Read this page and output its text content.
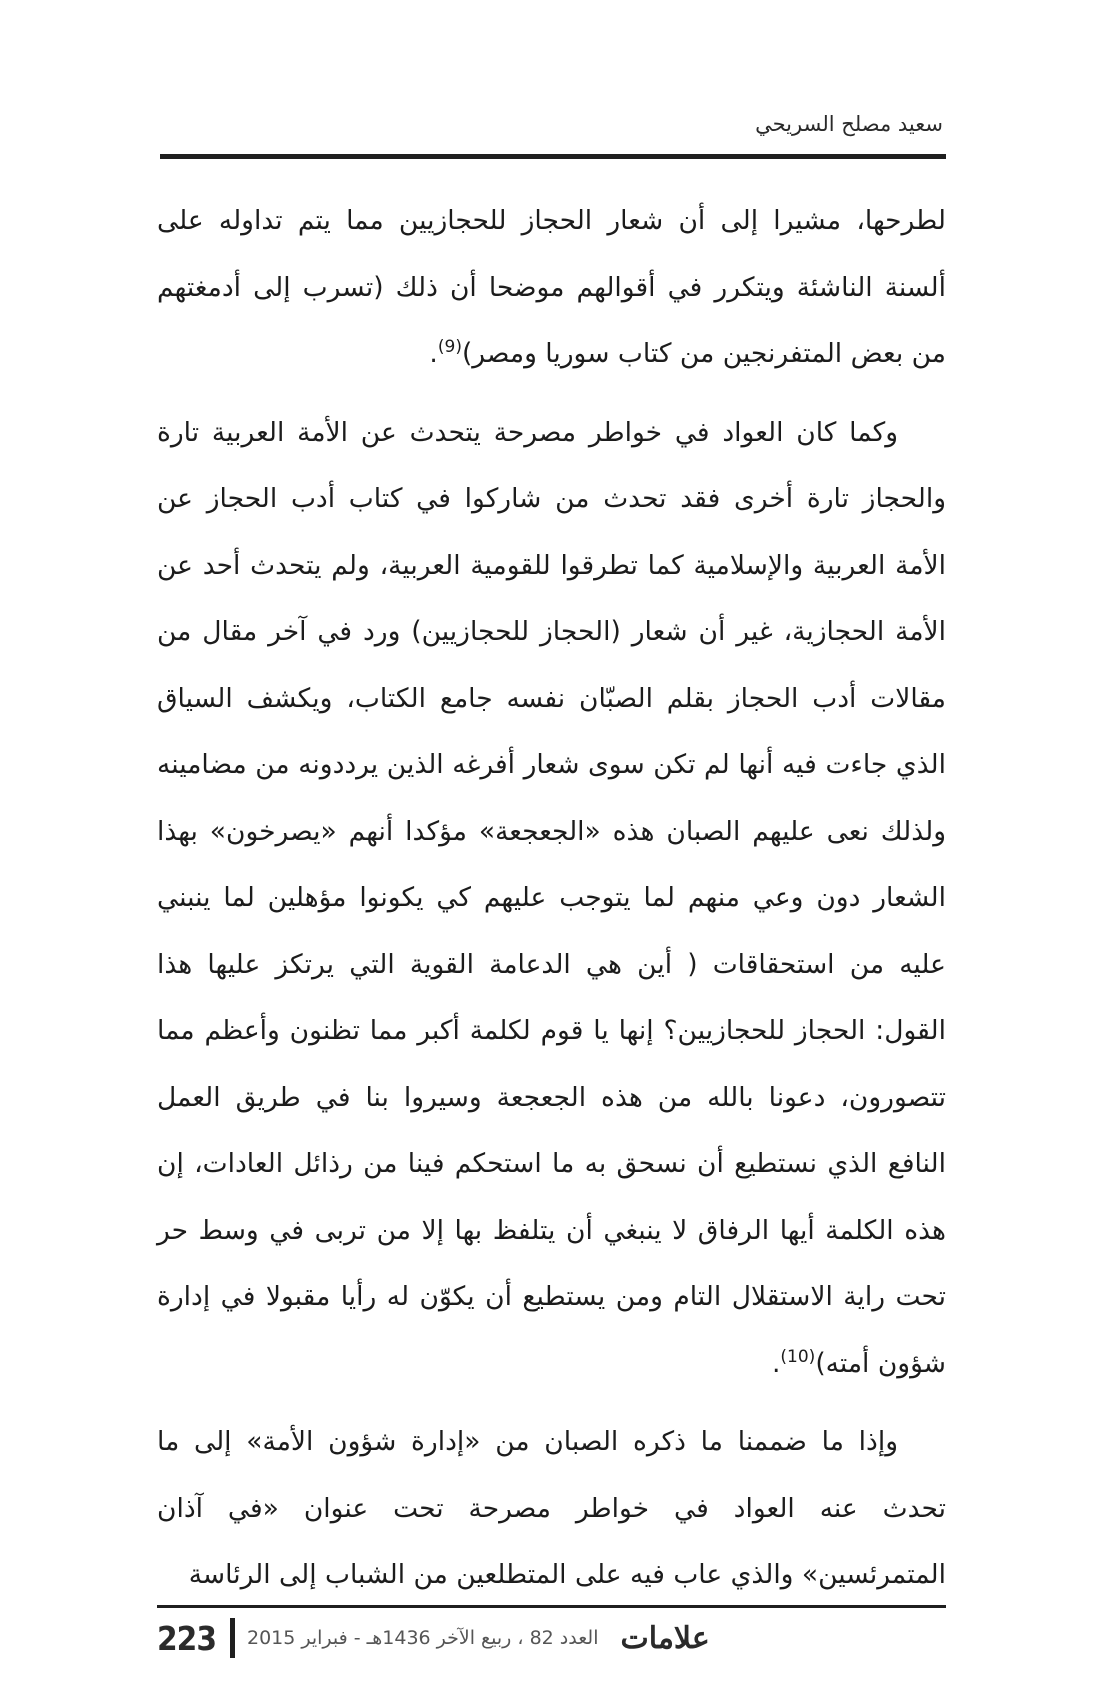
سعيد مصلح السريحي

لطرحها، مشيرا إلى أن شعار الحجاز للحجازيين مما يتم تداوله على ألسنة الناشئة ويتكرر في أقوالهم موضحا أن ذلك (تسرب إلى أدمغتهم من بعض المتفرنجين من كتاب سوريا ومصر)$^{(9)}$.

وكما كان العواد في خواطر مصرحة يتحدث عن الأمة العربية تارة والحجاز تارة أخرى فقد تحدث من شاركوا في كتاب أدب الحجاز عن الأمة العربية والإسلامية كما تطرقوا للقومية العربية، ولم يتحدث أحد عن الأمة الحجازية، غير أن شعار (الحجاز للحجازيين) ورد في آخر مقال من مقالات أدب الحجاز بقلم الصبّان نفسه جامع الكتاب، ويكشف السياق الذي جاءت فيه أنها لم تكن سوى شعار أفرغه الذين يرددونه من مضامينه ولذلك نعى عليهم الصبان هذه «الجعجعة» مؤكدا أنهم «يصرخون» بهذا الشعار دون وعي منهم لما يتوجب عليهم كي يكونوا مؤهلين لما ينبني عليه من استحقاقات ( أين هي الدعامة القوية التي يرتكز عليها هذا القول: الحجاز للحجازيين؟ إنها يا قوم لكلمة أكبر مما تظنون وأعظم مما تتصورون، دعونا بالله من هذه الجعجعة وسيروا بنا في طريق العمل النافع الذي نستطيع أن نسحق به ما استحكم فينا من رذائل العادات، إن هذه الكلمة أيها الرفاق لا ينبغي أن يتلفظ بها إلا من تربى في وسط حر تحت راية الاستقلال التام ومن يستطيع أن يكوّن له رأيا مقبولا في إدارة شؤون أمته)$^{(10)}$.

وإذا ما ضممنا ما ذكره الصبان من «إدارة شؤون الأمة» إلى ما تحدث عنه العواد في خواطر مصرحة تحت عنوان «في آذان المتمرئسين» والذي عاب فيه على المتطلعين من الشباب إلى الرئاسة

223 العدد 82 ، ربيع الآخر 1436هـ - فبراير 2015 علامات
